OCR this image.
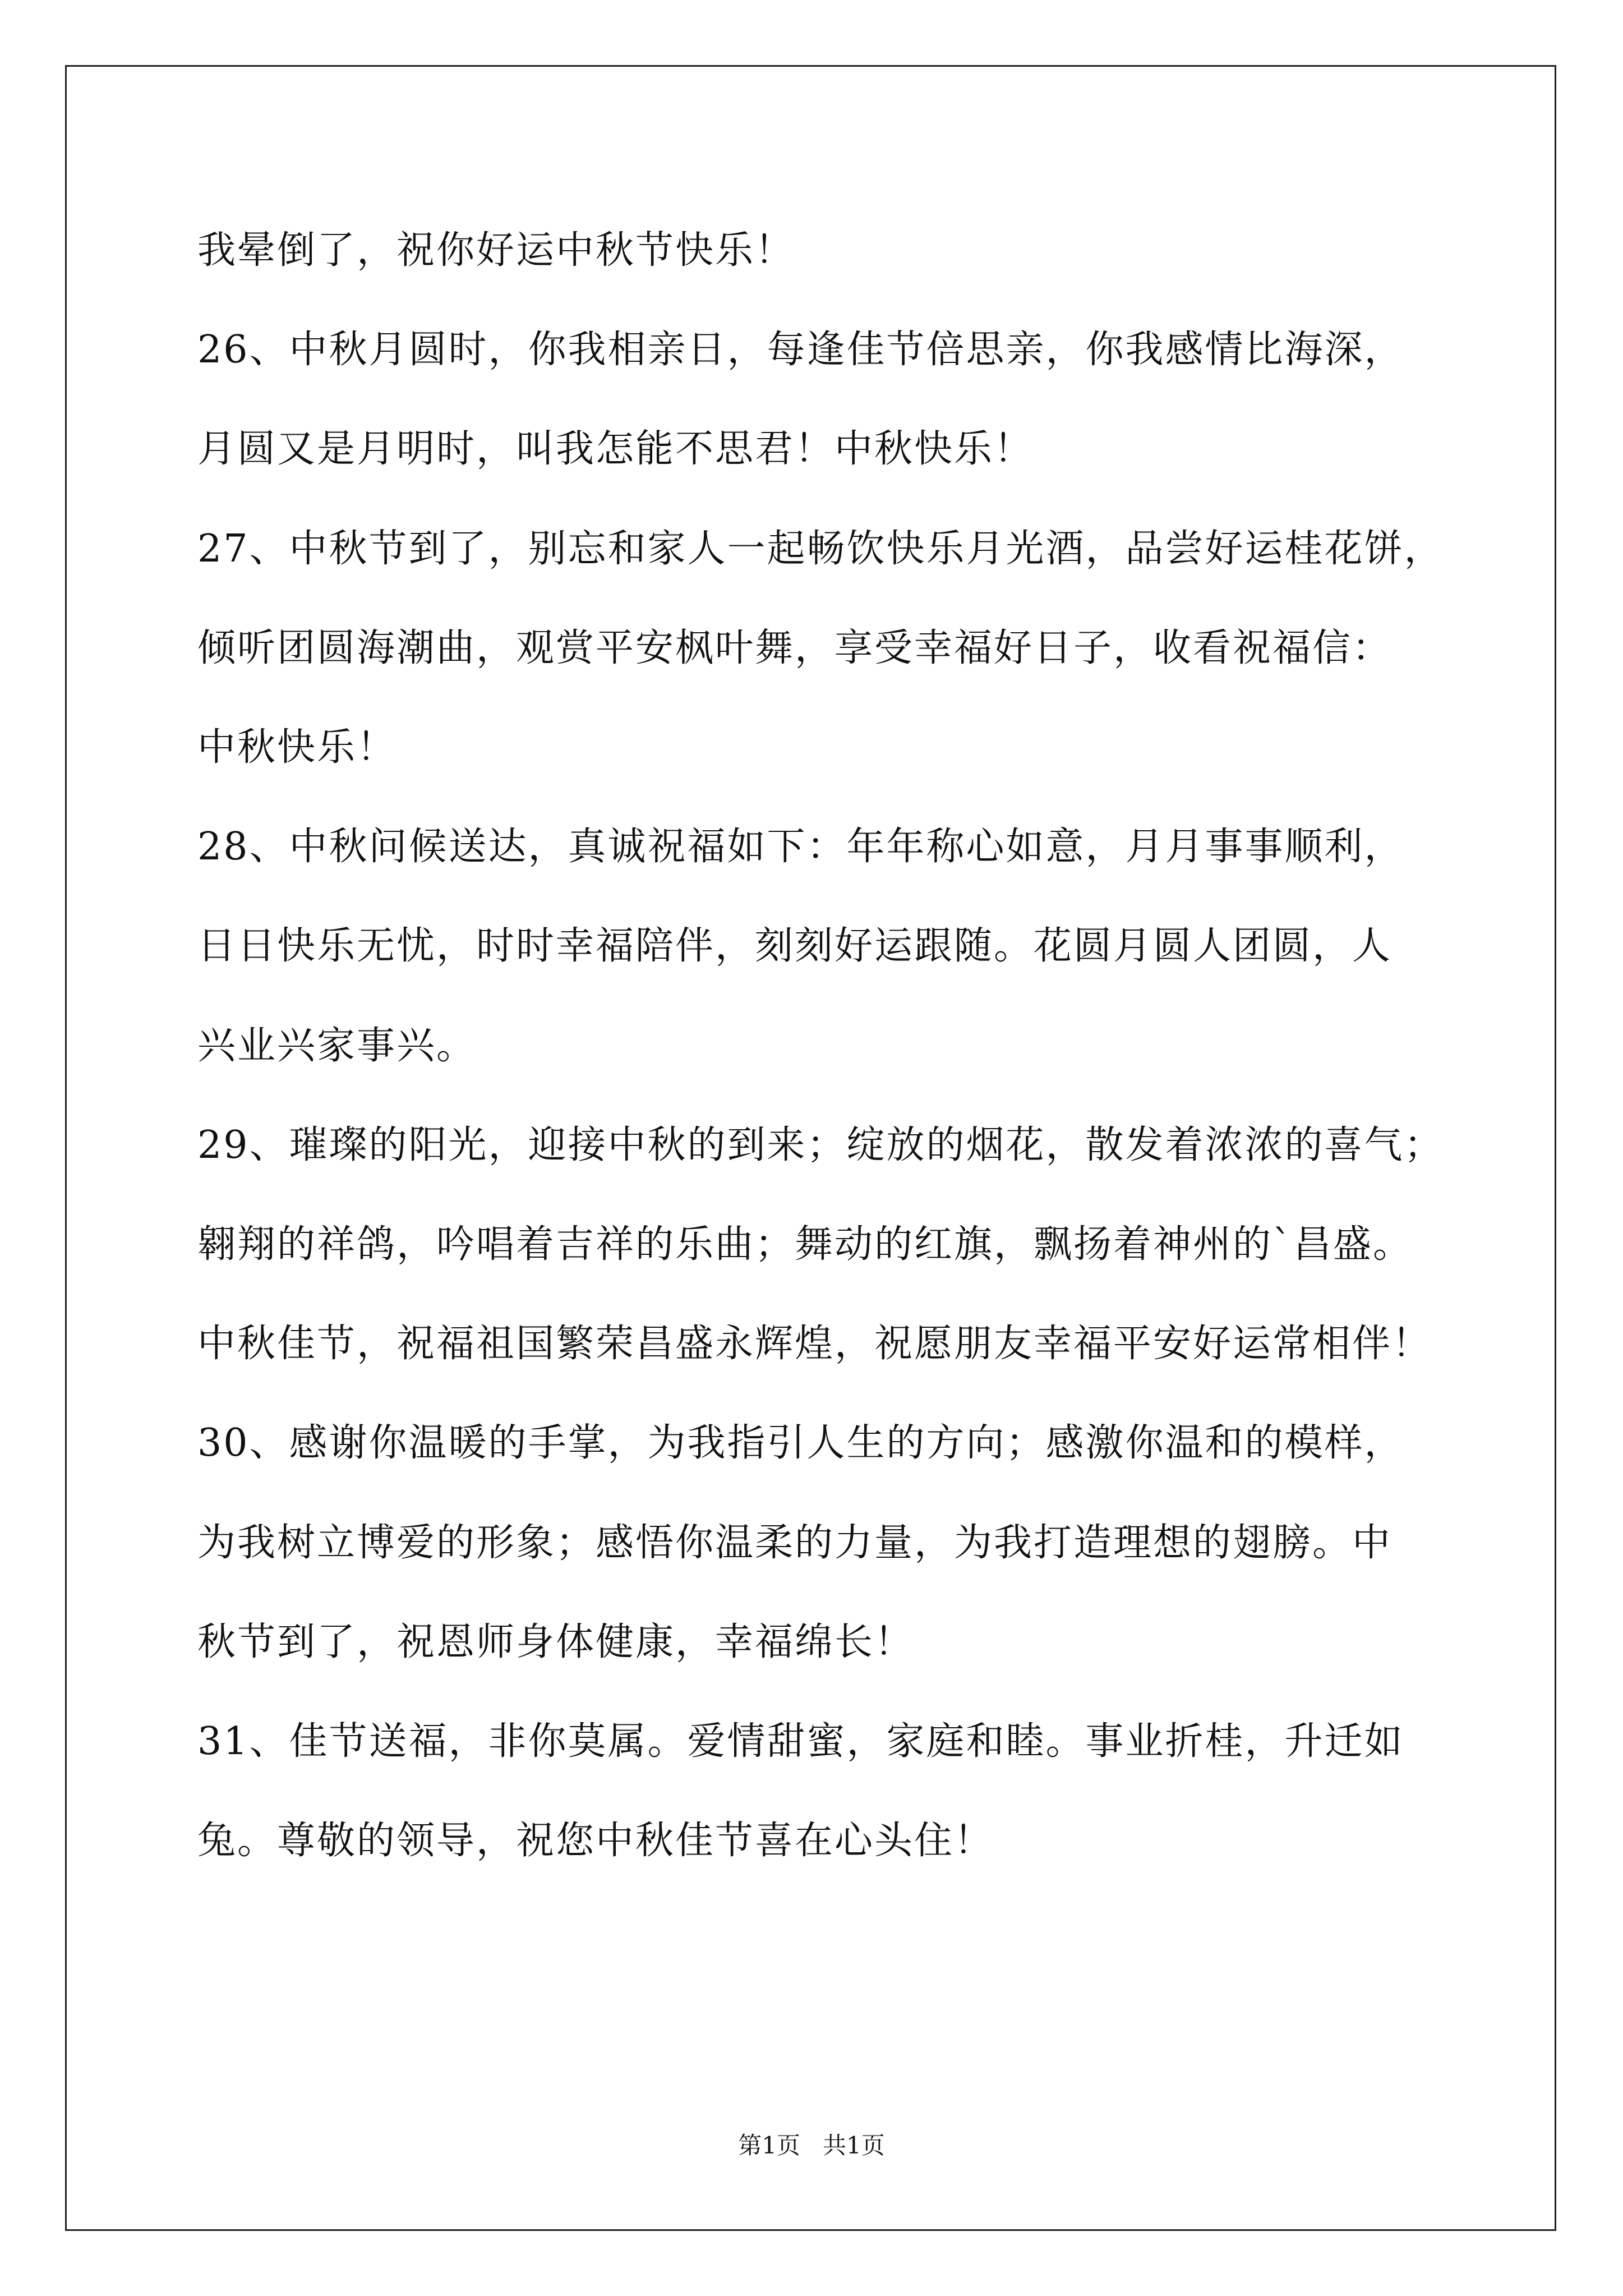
我晕倒了，祝你好运中秋节快乐！
26、中秋月圆时，你我相亲日，每逢佳节倍思亲，你我感情比海深，
月圆又是月明时，叫我怎能不思君！中秋快乐！
27、中秋节到了，别忘和家人一起畅饮快乐月光酒，品尝好运桂花饼，
倾听团圆海潮曲，观赏平安枫叶舞，享受幸福好日子，收看祝福信：
中秋快乐！
28、中秋问候送达，真诚祝福如下：年年称心如意，月月事事顺利，
日日快乐无忧，时时幸福陪伴，刻刻好运跟随。花圆月圆人团圆，人
兴业兴家事兴。
29、璀璨的阳光，迎接中秋的到来；绽放的烟花，散发着浓浓的喜气；
翱翔的祥鸽，吟唱着吉祥的乐曲；舞动的红旗，飘扬着神州的`昌盛。
中秋佳节，祝福祖国繁荣昌盛永辉煌，祝愿朋友幸福平安好运常相伴！
30、感谢你温暖的手掌，为我指引人生的方向；感激你温和的模样，
为我树立博爱的形象；感悟你温柔的力量，为我打造理想的翅膀。中
秋节到了，祝恩师身体健康，幸福绵长！
31、佳节送福，非你莫属。爱情甜蜜，家庭和睦。事业折桂，升迁如
兔。尊敬的领导，祝您中秋佳节喜在心头住！
第1页   共1页
